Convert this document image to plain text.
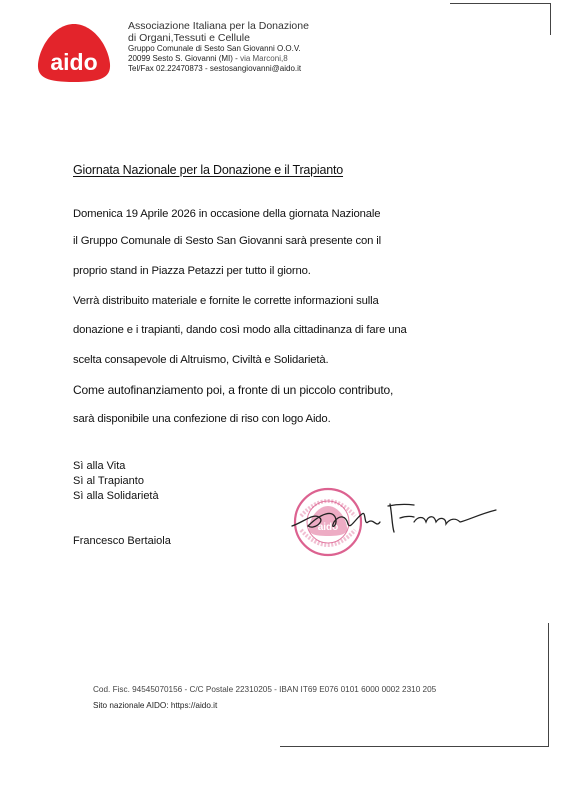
aido
Associazione Italiana per la Donazione
di Organi,Tessuti e Cellule
Gruppo Comunale di Sesto San Giovanni O.O.V.
20099 Sesto S. Giovanni (MI) - via Marconi,8
Tel/Fax 02.22470873 - sestosangiovanni@aido.it
Giornata Nazionale per la Donazione e il Trapianto
Domenica 19 Aprile 2026 in occasione della giornata Nazionale
il Gruppo Comunale di Sesto San Giovanni sarà presente con il
proprio stand in Piazza Petazzi per tutto il giorno.
Verrà distribuito materiale e fornite le corrette informazioni sulla
donazione e i trapianti, dando così modo alla cittadinanza di fare una
scelta consapevole di Altruismo, Civiltà e Solidarietà.
Come autofinanziamento poi, a fronte di un piccolo contributo,
sarà disponibile una confezione di riso con logo Aido.
Sì alla Vita
Sì al Trapianto
Sì alla Solidarietà
Francesco Bertaiola
aido
Cod. Fisc. 94545070156 - C/C Postale 22310205 - IBAN IT69 E076 0101 6000 0002 2310 205
Sito nazionale AIDO: https://aido.it
